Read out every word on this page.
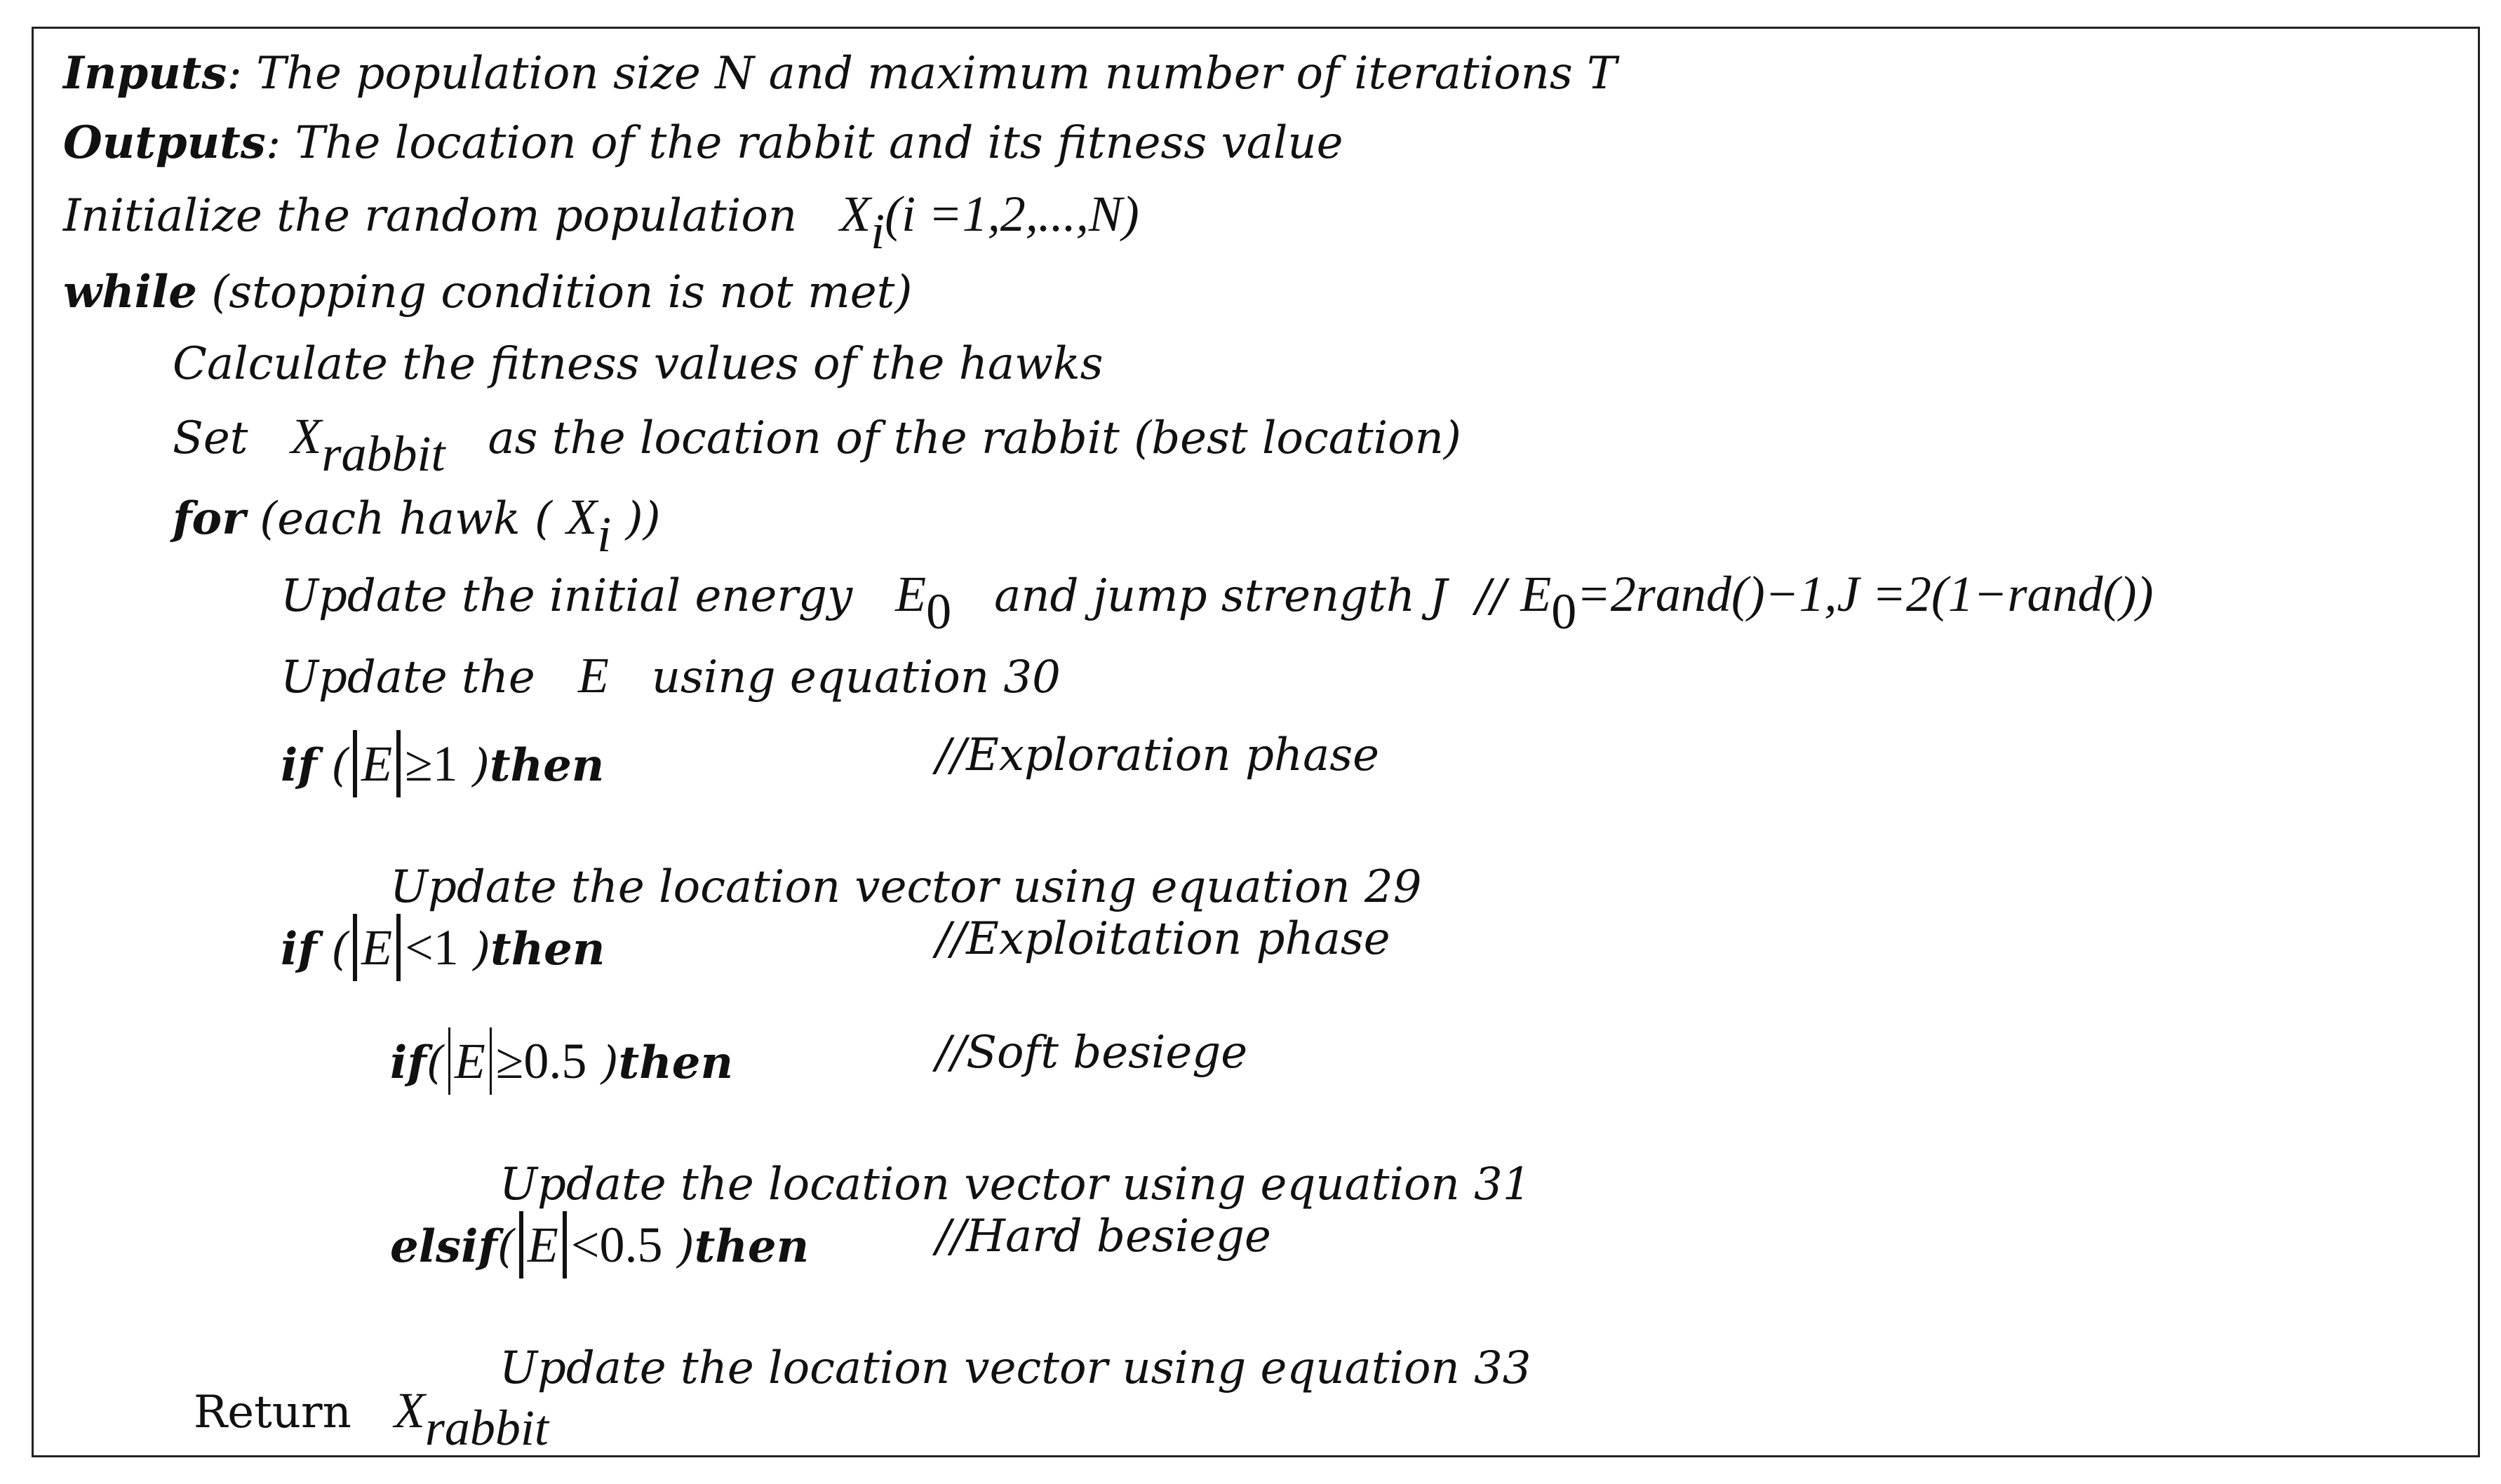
Inputs: The population size N and maximum number of iterations T
Outputs: The location of the rabbit and its fitness value
Initialize the random population $X_i(i =1,2,...,N)$
while (stopping condition is not met)
Calculate the fitness values of the hawks
Set $X_{rabbit}$ as the location of the rabbit (best location)
for (each hawk ( $X_i$ ))
Update the initial energy $E_0$ and jump strength $J // E_0=2rand()-1,J$ =2(1−rand())
Update the E using equation 30
if ( E ≥1 )then	//Exploration phase
Update the location vector using equation 29
if ( E <1 )then	//Exploitation phase
if( E ≥0.5 )then	//Soft besiege
Update the location vector using equation 31
elsif( E <0.5 )then	//Hard besiege
Update the location vector using equation 33
Return $X_{rabbit}$
